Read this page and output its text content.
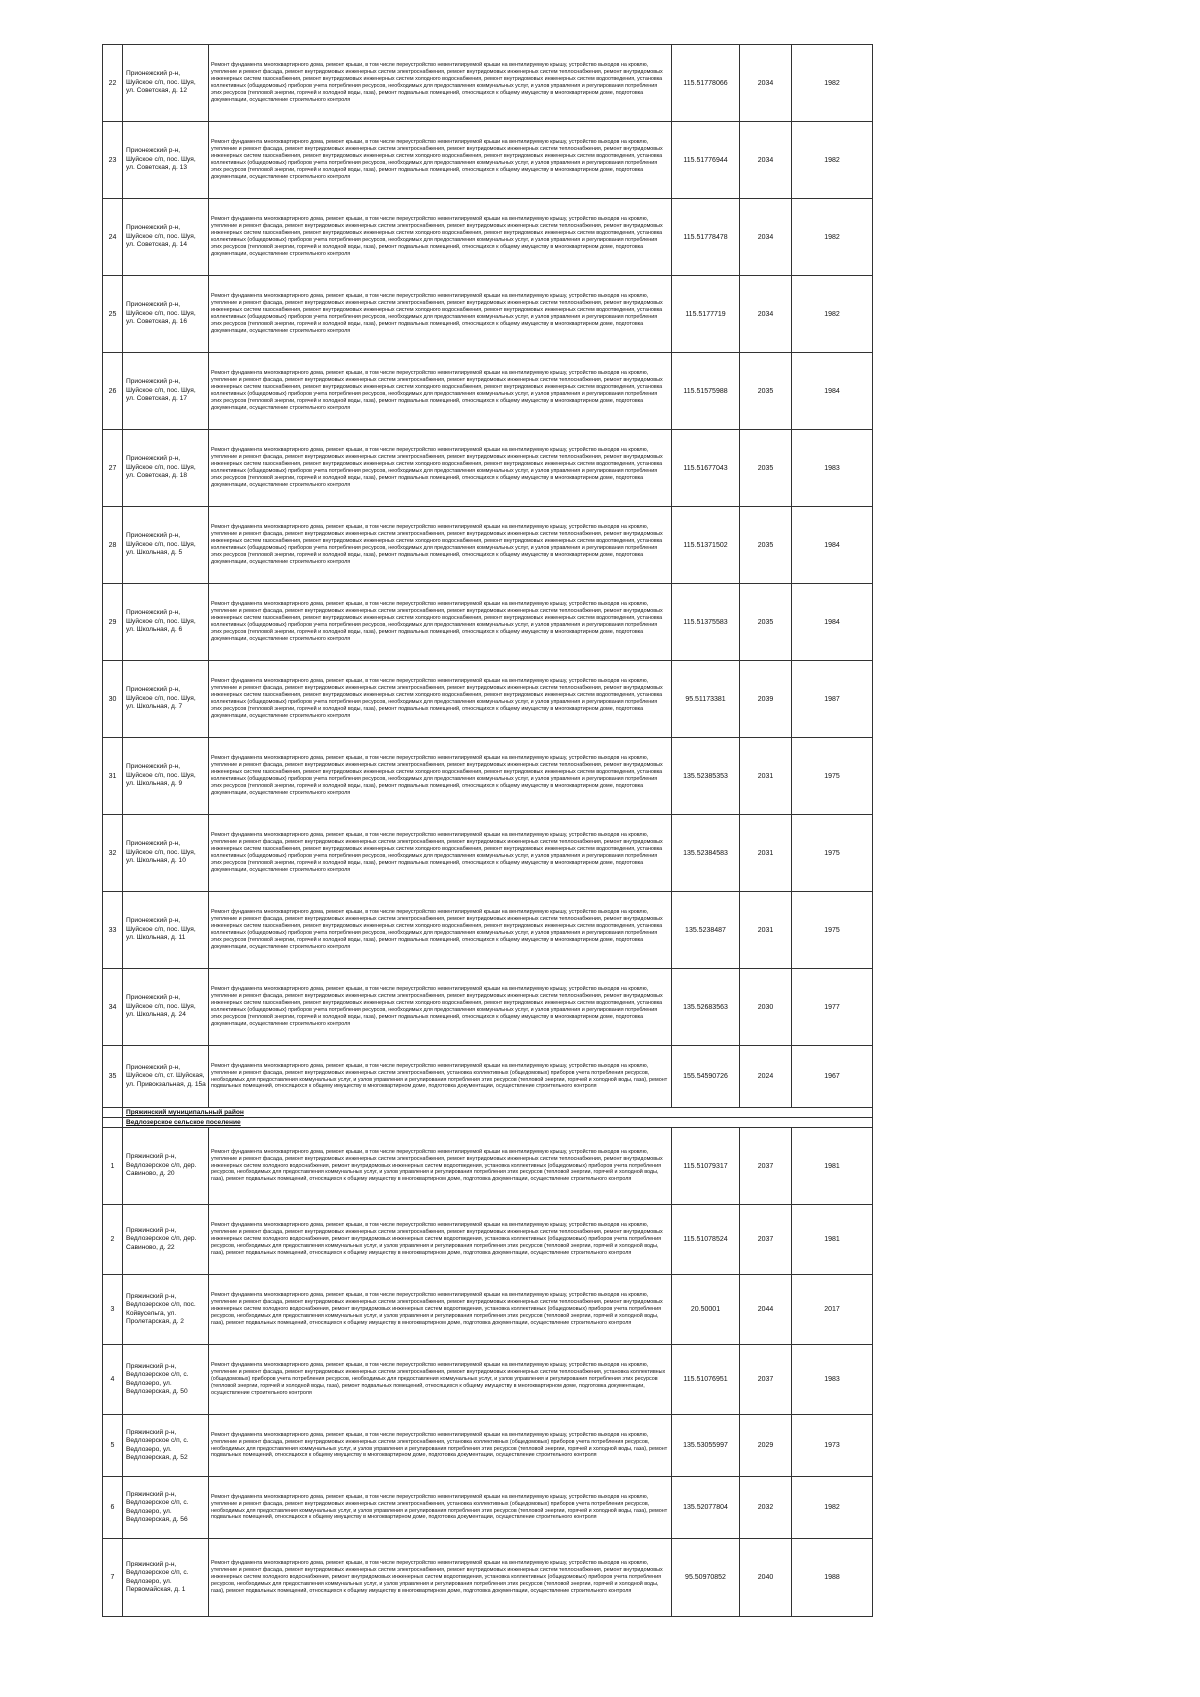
22	Прионежский р-н, Шуйское с/п, пос. Шуя, ул. Советская, д. 12	Ремонт фундамента многоквартирного дома, ремонт крыши, в том числе переустройство невентилируемой крыши на вентилируемую крышу, устройство выходов на кровлю, утепление и ремонт фасада, ремонт внутридомовых инженерных систем электроснабжения, ремонт внутридомовых инженерных систем теплоснабжения, ремонт внутридомовых инженерных систем газоснабжения, ремонт внутридомовых инженерных систем холодного водоснабжения, ремонт внутридомовых инженерных систем водоотведения, установка коллективных (общедомовых) приборов учета потребления ресурсов, необходимых для предоставления коммунальных услуг, и узлов управления и регулирования потребления этих ресурсов (тепловой энергии, горячей и холодной воды, газа), ремонт подвальных помещений, относящихся к общему имуществу в многоквартирном доме, подготовка документации, осуществление строительного контроля	115.51778066	2034	1982
23	Прионежский р-н, Шуйское с/п, пос. Шуя, ул. Советская, д. 13	Ремонт фундамента многоквартирного дома, ремонт крыши, в том числе переустройство невентилируемой крыши на вентилируемую крышу, устройство выходов на кровлю, утепление и ремонт фасада, ремонт внутридомовых инженерных систем электроснабжения, ремонт внутридомовых инженерных систем теплоснабжения, ремонт внутридомовых инженерных систем газоснабжения, ремонт внутридомовых инженерных систем холодного водоснабжения, ремонт внутридомовых инженерных систем водоотведения, установка коллективных (общедомовых) приборов учета потребления ресурсов, необходимых для предоставления коммунальных услуг, и узлов управления и регулирования потребления этих ресурсов (тепловой энергии, горячей и холодной воды, газа), ремонт подвальных помещений, относящихся к общему имуществу в многоквартирном доме, подготовка документации, осуществление строительного контроля	115.51776944	2034	1982
24	Прионежский р-н, Шуйское с/п, пос. Шуя, ул. Советская, д. 14	Ремонт фундамента многоквартирного дома, ремонт крыши, в том числе переустройство невентилируемой крыши на вентилируемую крышу, устройство выходов на кровлю, утепление и ремонт фасада, ремонт внутридомовых инженерных систем электроснабжения, ремонт внутридомовых инженерных систем теплоснабжения, ремонт внутридомовых инженерных систем газоснабжения, ремонт внутридомовых инженерных систем холодного водоснабжения, ремонт внутридомовых инженерных систем водоотведения, установка коллективных (общедомовых) приборов учета потребления ресурсов, необходимых для предоставления коммунальных услуг, и узлов управления и регулирования потребления этих ресурсов (тепловой энергии, горячей и холодной воды, газа), ремонт подвальных помещений, относящихся к общему имуществу в многоквартирном доме, подготовка документации, осуществление строительного контроля	115.51778478	2034	1982
25	Прионежский р-н, Шуйское с/п, пос. Шуя, ул. Советская, д. 16	Ремонт фундамента многоквартирного дома, ремонт крыши, в том числе переустройство невентилируемой крыши на вентилируемую крышу, устройство выходов на кровлю, утепление и ремонт фасада, ремонт внутридомовых инженерных систем электроснабжения, ремонт внутридомовых инженерных систем теплоснабжения, ремонт внутридомовых инженерных систем газоснабжения, ремонт внутридомовых инженерных систем холодного водоснабжения, ремонт внутридомовых инженерных систем водоотведения, установка коллективных (общедомовых) приборов учета потребления ресурсов, необходимых для предоставления коммунальных услуг, и узлов управления и регулирования потребления этих ресурсов (тепловой энергии, горячей и холодной воды, газа), ремонт подвальных помещений, относящихся к общему имуществу в многоквартирном доме, подготовка документации, осуществление строительного контроля	115.5177719	2034	1982
26	Прионежский р-н, Шуйское с/п, пос. Шуя, ул. Советская, д. 17	Ремонт фундамента многоквартирного дома, ремонт крыши, в том числе переустройство невентилируемой крыши на вентилируемую крышу, устройство выходов на кровлю, утепление и ремонт фасада, ремонт внутридомовых инженерных систем электроснабжения, ремонт внутридомовых инженерных систем теплоснабжения, ремонт внутридомовых инженерных систем газоснабжения, ремонт внутридомовых инженерных систем холодного водоснабжения, ремонт внутридомовых инженерных систем водоотведения, установка коллективных (общедомовых) приборов учета потребления ресурсов, необходимых для предоставления коммунальных услуг, и узлов управления и регулирования потребления этих ресурсов (тепловой энергии, горячей и холодной воды, газа), ремонт подвальных помещений, относящихся к общему имуществу в многоквартирном доме, подготовка документации, осуществление строительного контроля	115.51575988	2035	1984
27	Прионежский р-н, Шуйское с/п, пос. Шуя, ул. Советская, д. 18	Ремонт фундамента многоквартирного дома, ремонт крыши, в том числе переустройство невентилируемой крыши на вентилируемую крышу, устройство выходов на кровлю, утепление и ремонт фасада, ремонт внутридомовых инженерных систем электроснабжения, ремонт внутридомовых инженерных систем теплоснабжения, ремонт внутридомовых инженерных систем газоснабжения, ремонт внутридомовых инженерных систем холодного водоснабжения, ремонт внутридомовых инженерных систем водоотведения, установка коллективных (общедомовых) приборов учета потребления ресурсов, необходимых для предоставления коммунальных услуг, и узлов управления и регулирования потребления этих ресурсов (тепловой энергии, горячей и холодной воды, газа), ремонт подвальных помещений, относящихся к общему имуществу в многоквартирном доме, подготовка документации, осуществление строительного контроля	115.51677043	2035	1983
28	Прионежский р-н, Шуйское с/п, пос. Шуя, ул. Школьная, д. 5	Ремонт фундамента многоквартирного дома, ремонт крыши, в том числе переустройство невентилируемой крыши на вентилируемую крышу, устройство выходов на кровлю, утепление и ремонт фасада, ремонт внутридомовых инженерных систем электроснабжения, ремонт внутридомовых инженерных систем теплоснабжения, ремонт внутридомовых инженерных систем газоснабжения, ремонт внутридомовых инженерных систем холодного водоснабжения, ремонт внутридомовых инженерных систем водоотведения, установка коллективных (общедомовых) приборов учета потребления ресурсов, необходимых для предоставления коммунальных услуг, и узлов управления и регулирования потребления этих ресурсов (тепловой энергии, горячей и холодной воды, газа), ремонт подвальных помещений, относящихся к общему имуществу в многоквартирном доме, подготовка документации, осуществление строительного контроля	115.51371502	2035	1984
29	Прионежский р-н, Шуйское с/п, пос. Шуя, ул. Школьная, д. 6	Ремонт фундамента многоквартирного дома, ремонт крыши, в том числе переустройство невентилируемой крыши на вентилируемую крышу, устройство выходов на кровлю, утепление и ремонт фасада, ремонт внутридомовых инженерных систем электроснабжения, ремонт внутридомовых инженерных систем теплоснабжения, ремонт внутридомовых инженерных систем газоснабжения, ремонт внутридомовых инженерных систем холодного водоснабжения, ремонт внутридомовых инженерных систем водоотведения, установка коллективных (общедомовых) приборов учета потребления ресурсов, необходимых для предоставления коммунальных услуг, и узлов управления и регулирования потребления этих ресурсов (тепловой энергии, горячей и холодной воды, газа), ремонт подвальных помещений, относящихся к общему имуществу в многоквартирном доме, подготовка документации, осуществление строительного контроля	115.51375583	2035	1984
30	Прионежский р-н, Шуйское с/п, пос. Шуя, ул. Школьная, д. 7	Ремонт фундамента многоквартирного дома, ремонт крыши, в том числе переустройство невентилируемой крыши на вентилируемую крышу, устройство выходов на кровлю, утепление и ремонт фасада, ремонт внутридомовых инженерных систем электроснабжения, ремонт внутридомовых инженерных систем теплоснабжения, ремонт внутридомовых инженерных систем газоснабжения, ремонт внутридомовых инженерных систем холодного водоснабжения, ремонт внутридомовых инженерных систем водоотведения, установка коллективных (общедомовых) приборов учета потребления ресурсов, необходимых для предоставления коммунальных услуг, и узлов управления и регулирования потребления этих ресурсов (тепловой энергии, горячей и холодной воды, газа), ремонт подвальных помещений, относящихся к общему имуществу в многоквартирном доме, подготовка документации, осуществление строительного контроля	95.51173381	2039	1987
31	Прионежский р-н, Шуйское с/п, пос. Шуя, ул. Школьная, д. 9	Ремонт фундамента многоквартирного дома, ремонт крыши, в том числе переустройство невентилируемой крыши на вентилируемую крышу, устройство выходов на кровлю, утепление и ремонт фасада, ремонт внутридомовых инженерных систем электроснабжения, ремонт внутридомовых инженерных систем теплоснабжения, ремонт внутридомовых инженерных систем газоснабжения, ремонт внутридомовых инженерных систем холодного водоснабжения, ремонт внутридомовых инженерных систем водоотведения, установка коллективных (общедомовых) приборов учета потребления ресурсов, необходимых для предоставления коммунальных услуг, и узлов управления и регулирования потребления этих ресурсов (тепловой энергии, горячей и холодной воды, газа), ремонт подвальных помещений, относящихся к общему имуществу в многоквартирном доме, подготовка документации, осуществление строительного контроля	135.52385353	2031	1975
32	Прионежский р-н, Шуйское с/п, пос. Шуя, ул. Школьная, д. 10	Ремонт фундамента многоквартирного дома, ремонт крыши, в том числе переустройство невентилируемой крыши на вентилируемую крышу, устройство выходов на кровлю, утепление и ремонт фасада, ремонт внутридомовых инженерных систем электроснабжения, ремонт внутридомовых инженерных систем теплоснабжения, ремонт внутридомовых инженерных систем газоснабжения, ремонт внутридомовых инженерных систем холодного водоснабжения, ремонт внутридомовых инженерных систем водоотведения, установка коллективных (общедомовых) приборов учета потребления ресурсов, необходимых для предоставления коммунальных услуг, и узлов управления и регулирования потребления этих ресурсов (тепловой энергии, горячей и холодной воды, газа), ремонт подвальных помещений, относящихся к общему имуществу в многоквартирном доме, подготовка документации, осуществление строительного контроля	135.52384583	2031	1975
33	Прионежский р-н, Шуйское с/п, пос. Шуя, ул. Школьная, д. 11	Ремонт фундамента многоквартирного дома, ремонт крыши, в том числе переустройство невентилируемой крыши на вентилируемую крышу, устройство выходов на кровлю, утепление и ремонт фасада, ремонт внутридомовых инженерных систем электроснабжения, ремонт внутридомовых инженерных систем теплоснабжения, ремонт внутридомовых инженерных систем газоснабжения, ремонт внутридомовых инженерных систем холодного водоснабжения, ремонт внутридомовых инженерных систем водоотведения, установка коллективных (общедомовых) приборов учета потребления ресурсов, необходимых для предоставления коммунальных услуг, и узлов управления и регулирования потребления этих ресурсов (тепловой энергии, горячей и холодной воды, газа), ремонт подвальных помещений, относящихся к общему имуществу в многоквартирном доме, подготовка документации, осуществление строительного контроля	135.5238487	2031	1975
34	Прионежский р-н, Шуйское с/п, пос. Шуя, ул. Школьная, д. 24	Ремонт фундамента многоквартирного дома, ремонт крыши, в том числе переустройство невентилируемой крыши на вентилируемую крышу, устройство выходов на кровлю, утепление и ремонт фасада, ремонт внутридомовых инженерных систем электроснабжения, ремонт внутридомовых инженерных систем теплоснабжения, ремонт внутридомовых инженерных систем газоснабжения, ремонт внутридомовых инженерных систем холодного водоснабжения, ремонт внутридомовых инженерных систем водоотведения, установка коллективных (общедомовых) приборов учета потребления ресурсов, необходимых для предоставления коммунальных услуг, и узлов управления и регулирования потребления этих ресурсов (тепловой энергии, горячей и холодной воды, газа), ремонт подвальных помещений, относящихся к общему имуществу в многоквартирном доме, подготовка документации, осуществление строительного контроля	135.52683563	2030	1977
35	Прионежский р-н, Шуйское с/п, ст. Шуйская, ул. Привокзальная, д. 15а	Ремонт фундамента многоквартирного дома, ремонт крыши, в том числе переустройство невентилируемой крыши на вентилируемую крышу, устройство выходов на кровлю, утепление и ремонт фасада, ремонт внутридомовых инженерных систем электроснабжения, установка коллективных (общедомовых) приборов учета потребления ресурсов, необходимых для предоставления коммунальных услуг, и узлов управления и регулирования потребления этих ресурсов (тепловой энергии, горячей и холодной воды, газа), ремонт подвальных помещений, относящихся к общему имуществу в многоквартирном доме, подготовка документации, осуществление строительного контроля	155.54590726	2024	1967
	Пряжинский муниципальный район				
	Ведлозерское сельское поселение				
1	Пряжинский р-н, Ведлозерское с/п, дер. Савиново, д. 20	Ремонт фундамента многоквартирного дома, ремонт крыши, в том числе переустройство невентилируемой крыши на вентилируемую крышу, устройство выходов на кровлю, утепление и ремонт фасада, ремонт внутридомовых инженерных систем электроснабжения, ремонт внутридомовых инженерных систем теплоснабжения, ремонт внутридомовых инженерных систем холодного водоснабжения, ремонт внутридомовых инженерных систем водоотведения, установка коллективных (общедомовых) приборов учета потребления ресурсов, необходимых для предоставления коммунальных услуг, и узлов управления и регулирования потребления этих ресурсов (тепловой энергии, горячей и холодной воды, газа), ремонт подвальных помещений, относящихся к общему имуществу в многоквартирном доме, подготовка документации, осуществление строительного контроля	115.51079317	2037	1981
2	Пряжинский р-н, Ведлозерское с/п, дер. Савиново, д. 22	Ремонт фундамента многоквартирного дома, ремонт крыши, в том числе переустройство невентилируемой крыши на вентилируемую крышу, устройство выходов на кровлю, утепление и ремонт фасада, ремонт внутридомовых инженерных систем электроснабжения, ремонт внутридомовых инженерных систем теплоснабжения, ремонт внутридомовых инженерных систем холодного водоснабжения, ремонт внутридомовых инженерных систем водоотведения, установка коллективных (общедомовых) приборов учета потребления ресурсов, необходимых для предоставления коммунальных услуг, и узлов управления и регулирования потребления этих ресурсов (тепловой энергии, горячей и холодной воды, газа), ремонт подвальных помещений, относящихся к общему имуществу в многоквартирном доме, подготовка документации, осуществление строительного контроля	115.51078524	2037	1981
3	Пряжинский р-н, Ведлозерское с/п, пос. Койвусельга, ул. Пролетарская, д. 2	Ремонт фундамента многоквартирного дома, ремонт крыши, в том числе переустройство невентилируемой крыши на вентилируемую крышу, устройство выходов на кровлю, утепление и ремонт фасада, ремонт внутридомовых инженерных систем электроснабжения, ремонт внутридомовых инженерных систем теплоснабжения, ремонт внутридомовых инженерных систем холодного водоснабжения, ремонт внутридомовых инженерных систем водоотведения, установка коллективных (общедомовых) приборов учета потребления ресурсов, необходимых для предоставления коммунальных услуг, и узлов управления и регулирования потребления этих ресурсов (тепловой энергии, горячей и холодной воды, газа), ремонт подвальных помещений, относящихся к общему имуществу в многоквартирном доме, подготовка документации, осуществление строительного контроля	20.50001	2044	2017
4	Пряжинский р-н, Ведлозерское с/п, с. Ведлозеро, ул. Ведлозерская, д. 50	Ремонт фундамента многоквартирного дома, ремонт крыши, в том числе переустройство невентилируемой крыши на вентилируемую крышу, устройство выходов на кровлю, утепление и ремонт фасада, ремонт внутридомовых инженерных систем электроснабжения, ремонт внутридомовых инженерных систем теплоснабжения, установка коллективных (общедомовых) приборов учета потребления ресурсов, необходимых для предоставления коммунальных услуг, и узлов управления и регулирования потребления этих ресурсов (тепловой энергии, горячей и холодной воды, газа), ремонт подвальных помещений, относящихся к общему имуществу в многоквартирном доме, подготовка документации, осуществление строительного контроля	115.51076951	2037	1983
5	Пряжинский р-н, Ведлозерское с/п, с. Ведлозеро, ул. Ведлозерская, д. 52	Ремонт фундамента многоквартирного дома, ремонт крыши, в том числе переустройство невентилируемой крыши на вентилируемую крышу, устройство выходов на кровлю, утепление и ремонт фасада, ремонт внутридомовых инженерных систем электроснабжения, установка коллективных (общедомовых) приборов учета потребления ресурсов, необходимых для предоставления коммунальных услуг, и узлов управления и регулирования потребления этих ресурсов (тепловой энергии, горячей и холодной воды, газа), ремонт подвальных помещений, относящихся к общему имуществу в многоквартирном доме, подготовка документации, осуществление строительного контроля	135.53055997	2029	1973
6	Пряжинский р-н, Ведлозерское с/п, с. Ведлозеро, ул. Ведлозерская, д. 56	Ремонт фундамента многоквартирного дома, ремонт крыши, в том числе переустройство невентилируемой крыши на вентилируемую крышу, устройство выходов на кровлю, утепление и ремонт фасада, ремонт внутридомовых инженерных систем электроснабжения, установка коллективных (общедомовых) приборов учета потребления ресурсов, необходимых для предоставления коммунальных услуг, и узлов управления и регулирования потребления этих ресурсов (тепловой энергии, горячей и холодной воды, газа), ремонт подвальных помещений, относящихся к общему имуществу в многоквартирном доме, подготовка документации, осуществление строительного контроля	135.52077804	2032	1982
7	Пряжинский р-н, Ведлозерское с/п, с. Ведлозеро, ул. Первомайская, д. 1	Ремонт фундамента многоквартирного дома, ремонт крыши, в том числе переустройство невентилируемой крыши на вентилируемую крышу, устройство выходов на кровлю, утепление и ремонт фасада, ремонт внутридомовых инженерных систем электроснабжения, ремонт внутридомовых инженерных систем теплоснабжения, ремонт внутридомовых инженерных систем холодного водоснабжения, ремонт внутридомовых инженерных систем водоотведения, установка коллективных (общедомовых) приборов учета потребления ресурсов, необходимых для предоставления коммунальных услуг, и узлов управления и регулирования потребления этих ресурсов (тепловой энергии, горячей и холодной воды, газа), ремонт подвальных помещений, относящихся к общему имуществу в многоквартирном доме, подготовка документации, осуществление строительного контроля	95.50970852	2040	1988
